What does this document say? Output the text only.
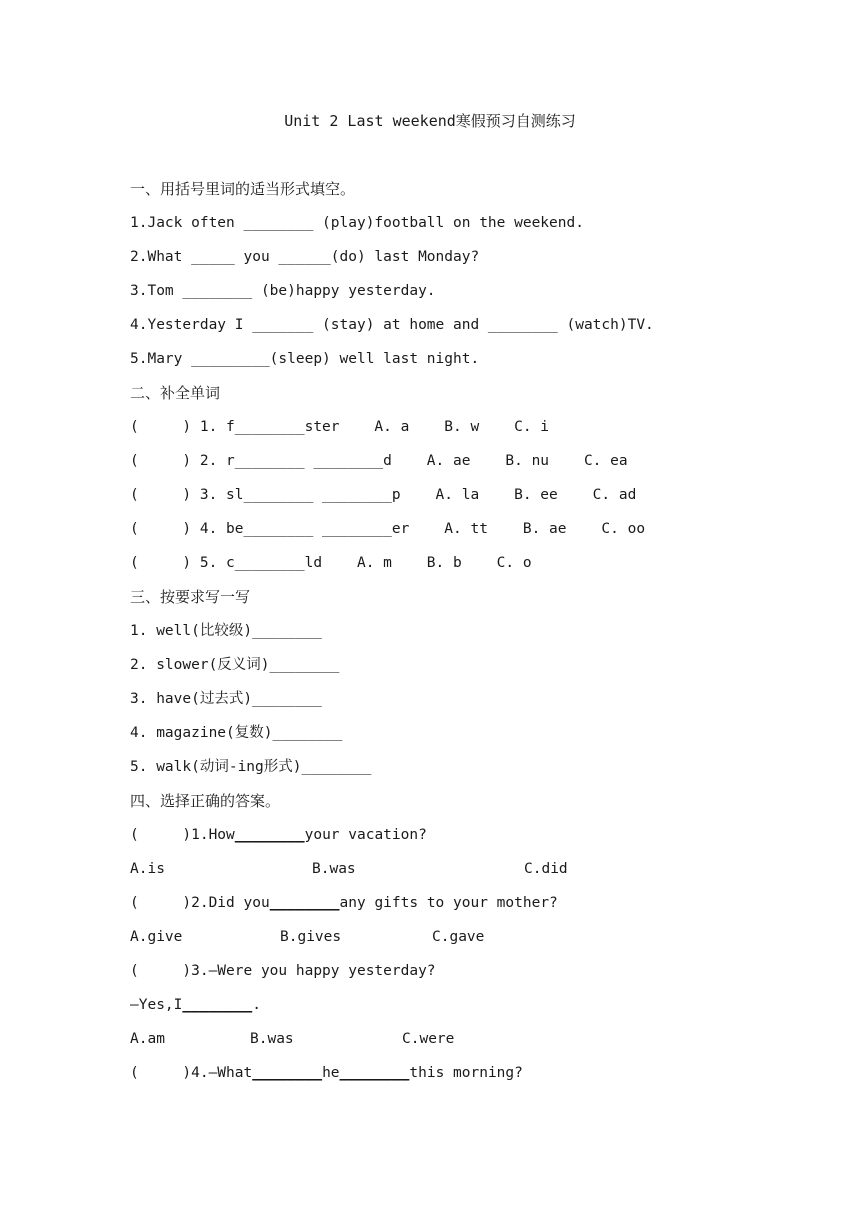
Unit 2 Last weekend寒假预习自测练习
一、用括号里词的适当形式填空。
1.Jack often ________ (play)football on the weekend.
2.What _____ you ______(do) last Monday?
3.Tom ________ (be)happy yesterday.
4.Yesterday I _______ (stay) at home and ________ (watch)TV.
5.Mary _________(sleep) well last night.
二、补全单词
(     ) 1. f________ster    A. a    B. w    C. i
(     ) 2. r________ ________d    A. ae    B. nu    C. ea
(     ) 3. sl________ ________p    A. la    B. ee    C. ad
(     ) 4. be________ ________er    A. tt    B. ae    C. oo
(     ) 5. c________ld    A. m    B. b    C. o
三、按要求写一写
1. well(比较级)________
2. slower(反义词)________
3. have(过去式)________
4. magazine(复数)________
5. walk(动词-ing形式)________
四、选择正确的答案。
(     )1.How________your vacation?
A.is	B.was	C.did
(     )2.Did you________any gifts to your mother?
A.give	B.gives	C.gave
(     )3.—Were you happy yesterday?
—Yes,I________.
A.am	B.was	C.were
(     )4.—What________he________this morning?
